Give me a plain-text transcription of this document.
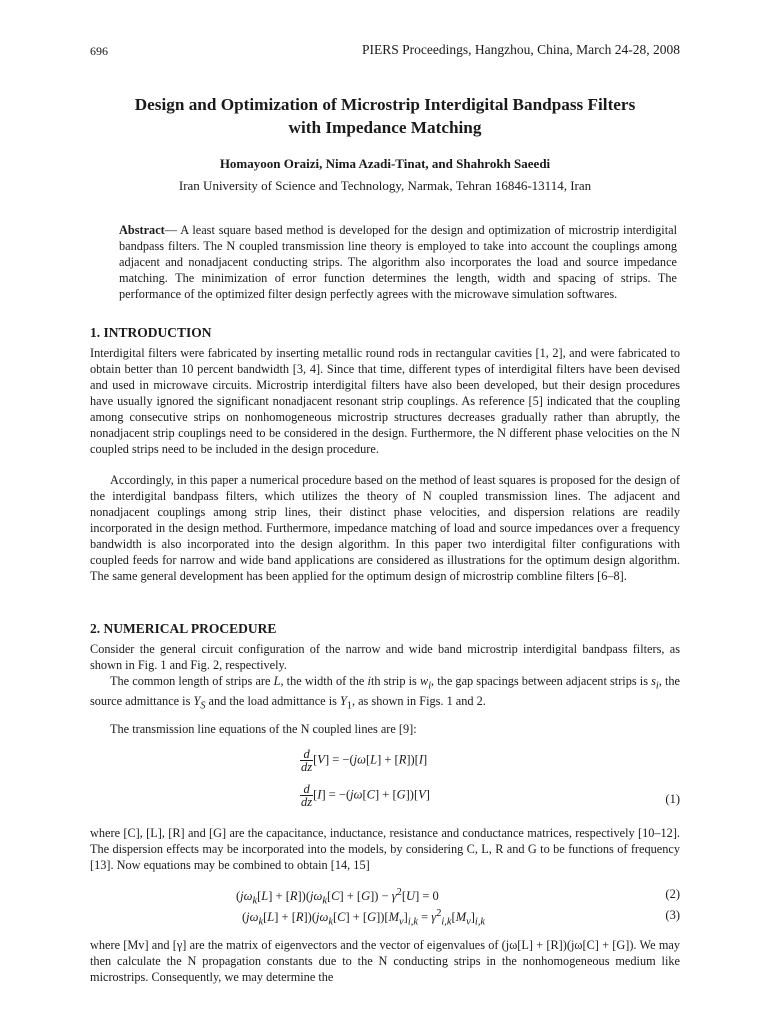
696	PIERS Proceedings, Hangzhou, China, March 24-28, 2008
Design and Optimization of Microstrip Interdigital Bandpass Filters
with Impedance Matching
Homayoon Oraizi, Nima Azadi-Tinat, and Shahrokh Saeedi
Iran University of Science and Technology, Narmak, Tehran 16846-13114, Iran
Abstract— A least square based method is developed for the design and optimization of microstrip interdigital bandpass filters. The N coupled transmission line theory is employed to take into account the couplings among adjacent and nonadjacent conducting strips. The algorithm also incorporates the load and source impedance matching. The minimization of error function determines the length, width and spacing of strips. The performance of the optimized filter design perfectly agrees with the microwave simulation softwares.
1. INTRODUCTION
Interdigital filters were fabricated by inserting metallic round rods in rectangular cavities [1, 2], and were fabricated to obtain better than 10 percent bandwidth [3, 4]. Since that time, different types of interdigital filters have been devised and used in microwave circuits. Microstrip interdigital filters have also been developed, but their design procedures have usually ignored the significant nonadjacent resonant strip couplings. As reference [5] indicated that the coupling among consecutive strips on nonhomogeneous microstrip structures decreases gradually rather than abruptly, the nonadjacent strip couplings need to be considered in the design. Furthermore, the N different phase velocities on the N coupled strips need to be included in the design procedure.
Accordingly, in this paper a numerical procedure based on the method of least squares is proposed for the design of the interdigital bandpass filters, which utilizes the theory of N coupled transmission lines. The adjacent and nonadjacent couplings among strip lines, their distinct phase velocities, and dispersion relations are readily incorporated in the design method. Furthermore, impedance matching of load and source impedances over a frequency bandwidth is also incorporated into the design algorithm. In this paper two interdigital filter configurations with coupled feeds for narrow and wide band applications are considered as illustrations for the optimum design algorithm. The same general development has been applied for the optimum design of microstrip combline filters [6–8].
2. NUMERICAL PROCEDURE
Consider the general circuit configuration of the narrow and wide band microstrip interdigital bandpass filters, as shown in Fig. 1 and Fig. 2, respectively.
The common length of strips are L, the width of the ith strip is $w_i$, the gap spacings between adjacent strips is $s_i$, the source admittance is $Y_S$ and the load admittance is $Y_1$, as shown in Figs. 1 and 2.
The transmission line equations of the N coupled lines are [9]:
$\frac{d}{dz} [V] = -(j\omega[L] + [R])[I]$
$\frac{d}{dz} [I] = -(j\omega[C] + [G])[V]$	(1)
where [C], [L], [R] and [G] are the capacitance, inductance, resistance and conductance matrices, respectively [10–12]. The dispersion effects may be incorporated into the models, by considering C, L, R and G to be functions of frequency [13]. Now equations may be combined to obtain [14, 15]
$(j\omega_k[L] + [R])(j\omega_k[C] + [G]) - \gamma^2[U] = 0$	(2)
$(j\omega_k[L] + [R])(j\omega_k[C] + [G])[M_v]_{i,k} = \gamma^2_{i,k}[M_v]_{i,k}$
(3)
where [Mv] and [γ] are the matrix of eigenvectors and the vector of eigenvalues of (jω[L] + [R])(jω[C] + [G]). We may then calculate the N propagation constants due to the N conducting strips in the nonhomogeneous medium like microstrips. Consequently, we may determine the
